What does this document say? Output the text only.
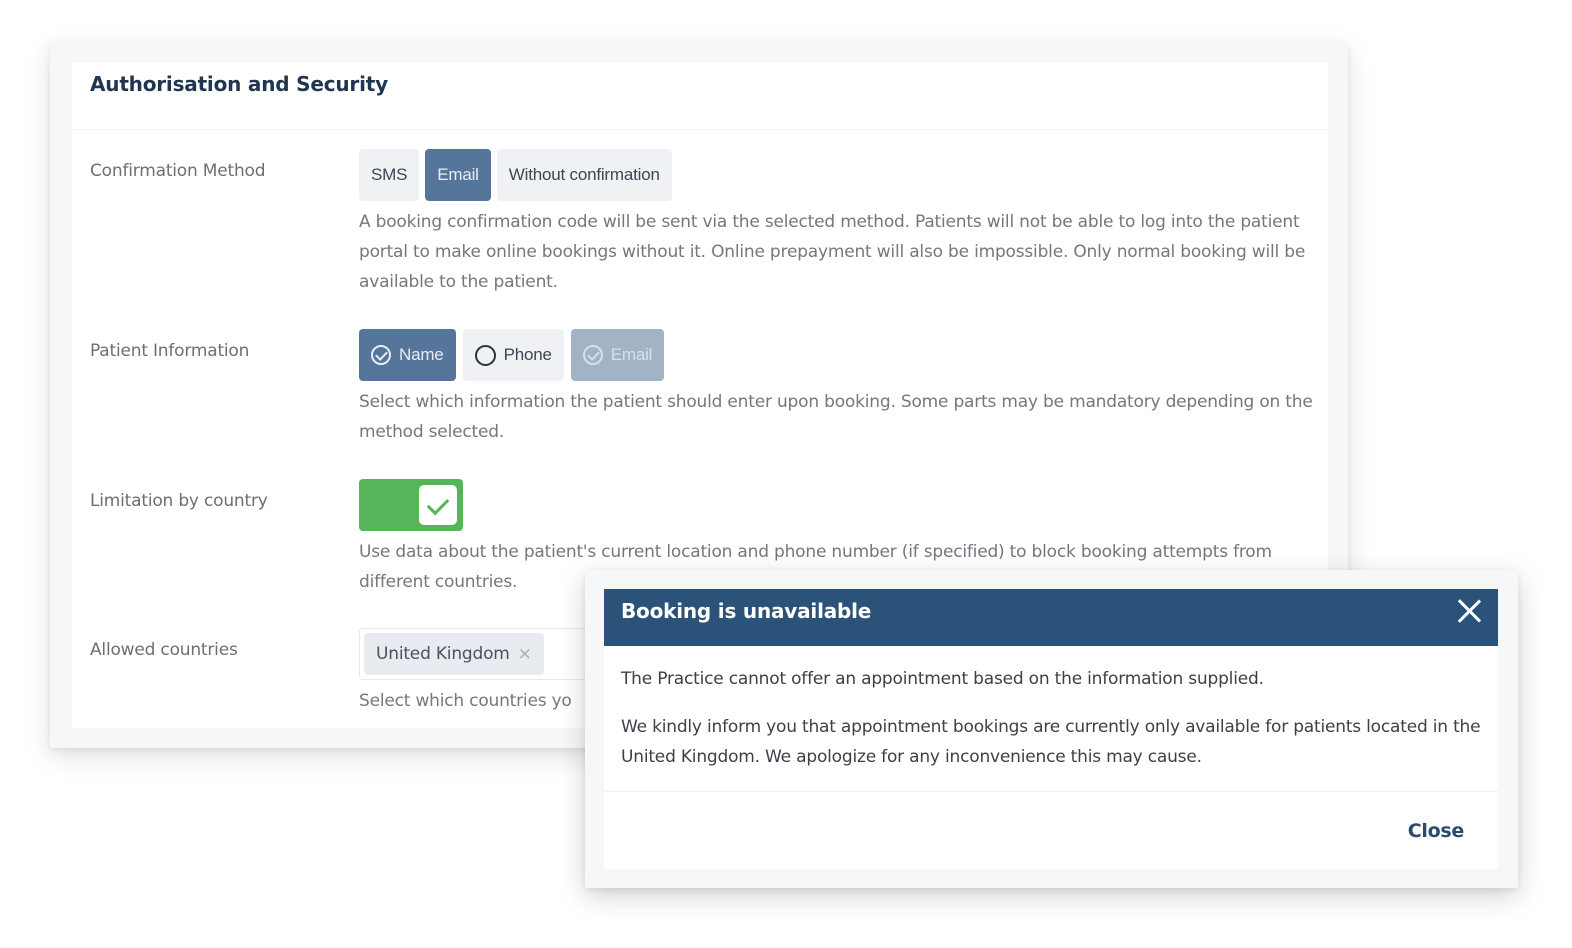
Authorisation and Security
Confirmation Method	SMS	Email	Without confirmation

A booking confirmation code will be sent via the selected method. Patients will not be able to log into the patient portal to make online bookings without it. Online prepayment will also be impossible. Only normal booking will be available to the patient.

Patient Information	Name	Phone	Email

Select which information the patient should enter upon booking. Some parts may be mandatory depending on the method selected.

Limitation by country

Use data about the patient's current location and phone number (if specified) to block booking attempts from different countries.

Allowed countries	United Kingdom ×

Select which countries yo

Booking is unavailable

The Practice cannot offer an appointment based on the information supplied.

We kindly inform you that appointment bookings are currently only available for patients located in the United Kingdom. We apologize for any inconvenience this may cause.

Close
